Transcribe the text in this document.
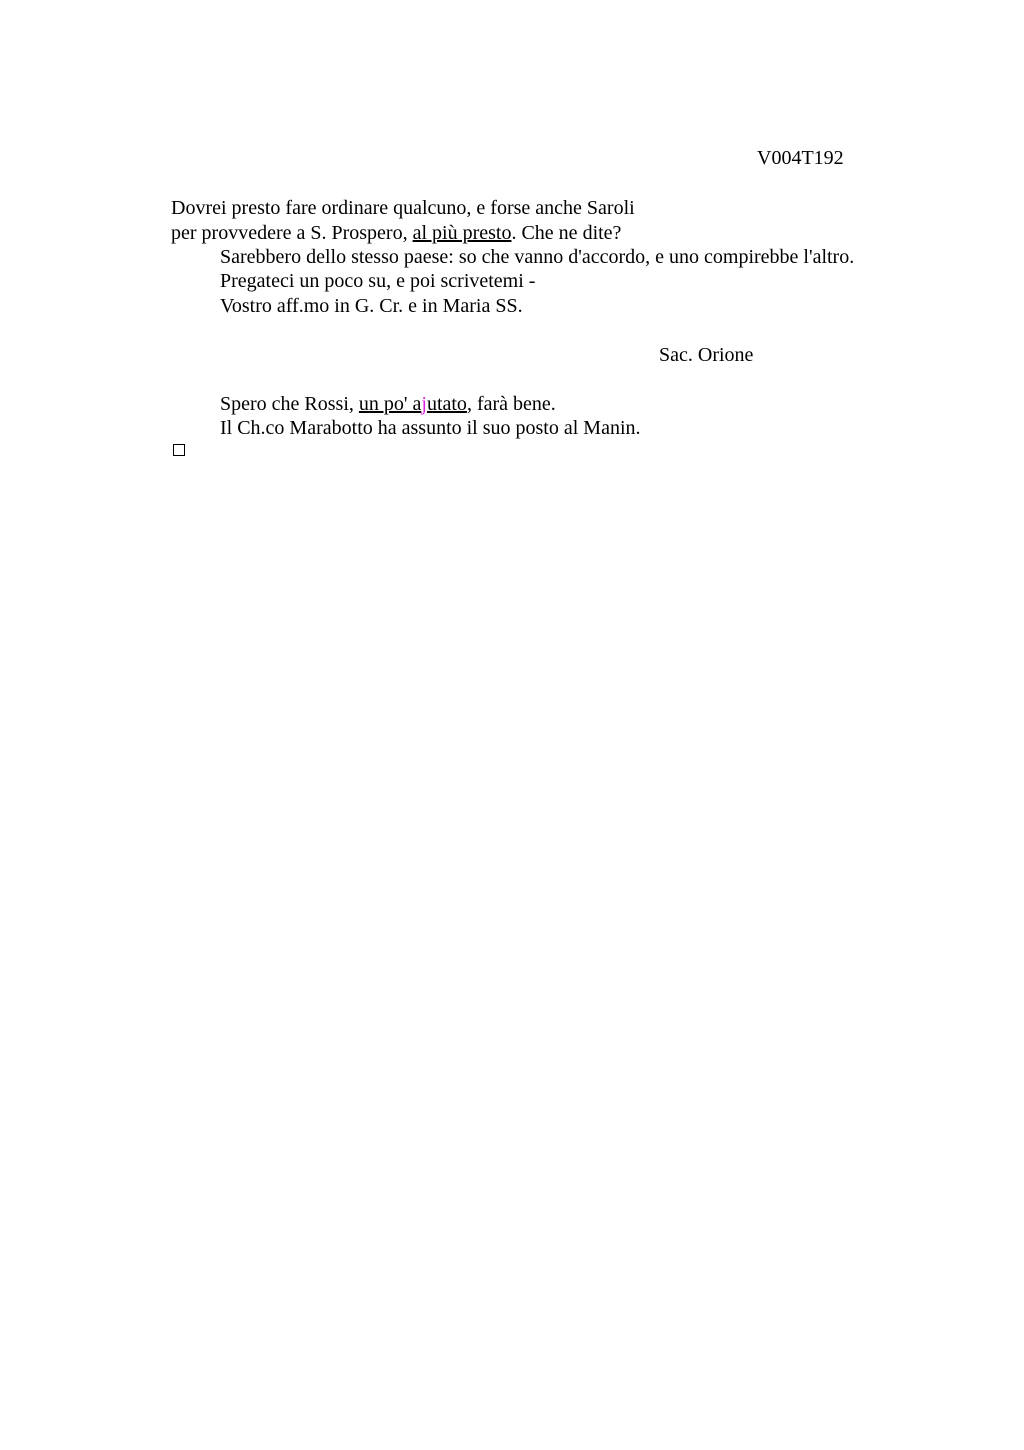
V004T192
Dovrei presto fare ordinare qualcuno, e forse anche Saroli
per provvedere a S. Prospero, al più presto. Che ne dite?
Sarebbero dello stesso paese: so che vanno d'accordo, e uno compirebbe l'altro.
Pregateci un poco su, e poi scrivetemi -
Vostro aff.mo in G. Cr. e in Maria SS.
Sac. Orione
Spero che Rossi, un po' ajutato, farà bene.
Il Ch.co Marabotto ha assunto il suo posto al Manin.
